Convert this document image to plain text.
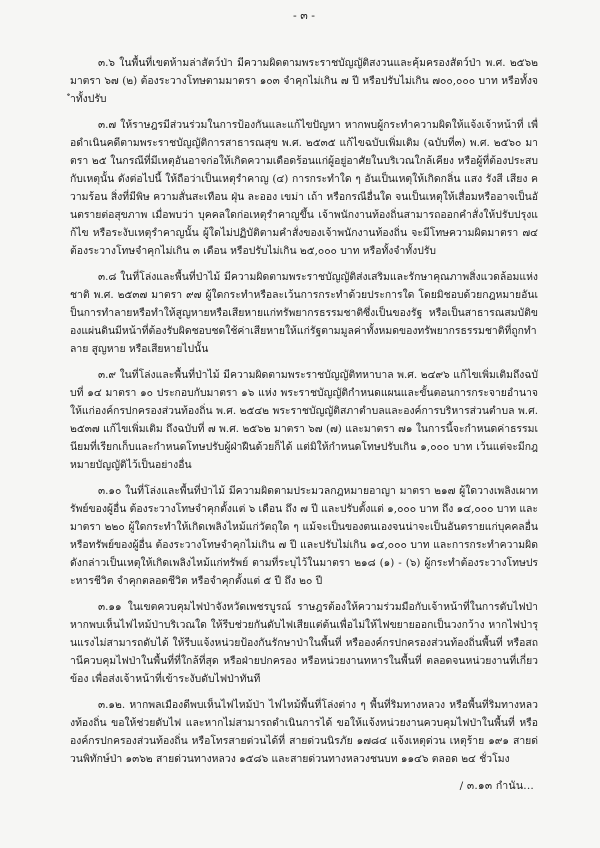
- ๓ -

๓.๖ ในพื้นที่เขตห้ามล่าสัตว์ป่า มีความผิดตามพระราชบัญญัติสงวนและคุ้มครองสัตว์ป่า พ.ศ. ๒๕๖๒ มาตรา ๖๗ (๒) ต้องระวางโทษตามมาตรา ๑๐๓ จำคุกไม่เกิน ๗ ปี หรือปรับไม่เกิน ๗๐๐,๐๐๐ บาท หรือทั้งจำทั้งปรับ

๓.๗ ให้ราษฎรมีส่วนร่วมในการป้องกันและแก้ไขปัญหา หากพบผู้กระทำความผิดให้แจ้งเจ้าหน้าที่ เพื่อดำเนินคดีตามพระราชบัญญัติการสาธารณสุข พ.ศ. ๒๕๓๕ แก้ไขฉบับเพิ่มเติม (ฉบับที่๓) พ.ศ. ๒๕๖๐ มาตรา ๒๕ ในกรณีที่มีเหตุอันอาจก่อให้เกิดความเดือดร้อนแก่ผู้อยู่อาศัยในบริเวณใกล้เคียง หรือผู้ที่ต้องประสบกับเหตุนั้น ดังต่อไปนี้ ให้ถือว่าเป็นเหตุรำคาญ (๔) การกระทำใด ๆ อันเป็นเหตุให้เกิดกลิ่น แสง รังสี เสียง ความร้อน สิ่งที่มีพิษ ความสั่นสะเทือน ฝุ่น ละออง เขม่า เถ้า หรือกรณีอื่นใด จนเป็นเหตุให้เสื่อมหรืออาจเป็นอันตรายต่อสุขภาพ เมื่อพบว่า บุคคลใดก่อเหตุรำคาญขึ้น เจ้าพนักงานท้องถิ่นสามารถออกคำสั่งให้ปรับปรุงแก้ไข หรือระงับเหตุรำคาญนั้น ผู้ใดไม่ปฏิบัติตามคำสั่งของเจ้าพนักงานท้องถิ่น จะมีโทษความผิดมาตรา ๗๔ ต้องระวางโทษจำคุกไม่เกิน ๓ เดือน หรือปรับไม่เกิน ๒๕,๐๐๐ บาท หรือทั้งจำทั้งปรับ

๓.๘ ในที่โล่งและพื้นที่ป่าไม้ มีความผิดตามพระราชบัญญัติส่งเสริมและรักษาคุณภาพสิ่งแวดล้อมแห่งชาติ พ.ศ. ๒๕๓๗ มาตรา ๙๗ ผู้ใดกระทำหรือละเว้นการกระทำด้วยประการใด โดยมิชอบด้วยกฎหมายอันเป็นการทำลายหรือทำให้สูญหายหรือเสียหายแก่ทรัพยากรธรรมชาติซึ่งเป็นของรัฐ หรือเป็นสาธารณสมบัติของแผ่นดินมีหน้าที่ต้องรับผิดชอบชดใช้ค่าเสียหายให้แก่รัฐตามมูลค่าทั้งหมดของทรัพยากรธรรมชาติที่ถูกทำลาย สูญหาย หรือเสียหายไปนั้น

๓.๙ ในที่โล่งและพื้นที่ป่าไม้ มีความผิดตามพระราชบัญญัติทหาบาล พ.ศ. ๒๔๙๖ แก้ไขเพิ่มเติมถึงฉบับที่ ๑๔ มาตรา ๑๐ ประกอบกับมาตรา ๑๖ แห่ง พระราชบัญญัติกำหนดแผนและขั้นตอนการกระจายอำนาจให้แก่องค์กรปกครองส่วนท้องถิ่น พ.ศ. ๒๕๔๒ พระราชบัญญัติสภาตำบลและองค์การบริหารส่วนตำบล พ.ศ. ๒๕๓๗ แก้ไขเพิ่มเติม ถึงฉบับที่ ๗ พ.ศ. ๒๕๖๒ มาตรา ๖๗ (๗) และมาตรา ๗๑ ในการนี้จะกำหนดค่าธรรมเนียมที่เรียกเก็บและกำหนดโทษปรับผู้ฝ่าฝืนด้วยก็ได้ แต่มิให้กำหนดโทษปรับเกิน ๑,๐๐๐ บาท เว้นแต่จะมีกฎหมายบัญญัติไว้เป็นอย่างอื่น

๓.๑๐ ในที่โล่งและพื้นที่ป่าไม้ มีความผิดตามประมวลกฎหมายอาญา มาตรา ๒๑๗ ผู้ใดวางเพลิงเผาทรัพย์ของผู้อื่น ต้องระวางโทษจำคุกตั้งแต่ ๖ เดือน ถึง ๗ ปี และปรับตั้งแต่ ๑,๐๐๐ บาท ถึง ๑๔,๐๐๐ บาท และมาตรา ๒๒๐ ผู้ใดกระทำให้เกิดเพลิงไหม้แก่วัตถุใด ๆ แม้จะเป็นของตนเองจนน่าจะเป็นอันตรายแก่บุคคลอื่นหรือทรัพย์ของผู้อื่น ต้องระวางโทษจำคุกไม่เกิน ๗ ปี และปรับไม่เกิน ๑๔,๐๐๐ บาท และการกระทำความผิดดังกล่าวเป็นเหตุให้เกิดเพลิงไหม้แก่ทรัพย์ ตามที่ระบุไว้ในมาตรา ๒๑๘ (๑) - (๖) ผู้กระทำต้องระวางโทษประหารชีวิต จำคุกตลอดชีวิต หรือจำคุกตั้งแต่ ๕ ปี ถึง ๒๐ ปี

๓.๑๑ ในเขตควบคุมไฟป่าจังหวัดเพชรบูรณ์ ราษฎรต้องให้ความร่วมมือกับเจ้าหน้าที่ในการดับไฟป่า หากพบเห็นไฟไหม้ป่าบริเวณใด ให้รีบช่วยกันดับไฟเสียแต่ต้นเพื่อไม่ให้ไฟขยายออกเป็นวงกว้าง หากไฟป่ารุนแรงไม่สามารถดับได้ ให้รีบแจ้งหน่วยป้องกันรักษาป่าในพื้นที่ หรือองค์กรปกครองส่วนท้องถิ่นพื้นที่ หรือสถานีควบคุมไฟป่าในพื้นที่ที่ใกล้ที่สุด หรือฝ่ายปกครอง หรือหน่วยงานทหารในพื้นที่ ตลอดจนหน่วยงานที่เกี่ยวข้อง เพื่อส่งเจ้าหน้าที่เข้าระงับดับไฟป่าทันที

๓.๑๒. หากพลเมืองดีพบเห็นไฟไหม้ป่า ไฟไหม้พื้นที่โล่งต่าง ๆ พื้นที่ริมทางหลวง หรือพื้นที่ริมทางหลวงท้องถิ่น ขอให้ช่วยดับไฟ และหากไม่สามารถดำเนินการได้ ขอให้แจ้งหน่วยงานควบคุมไฟป่าในพื้นที่ หรือองค์กรปกครองส่วนท้องถิ่น หรือโทรสายด่วนได้ที่ สายด่วนนิรภัย ๑๗๘๔ แจ้งเหตุด่วน เหตุร้าย ๑๙๑ สายด่วนพิทักษ์ป่า ๑๓๖๒ สายด่วนทางหลวง ๑๕๘๖ และสายด่วนทางหลวงชนบท ๑๑๔๖ ตลอด ๒๔ ชั่วโมง

/ ๓.๑๓ กำนัน...
